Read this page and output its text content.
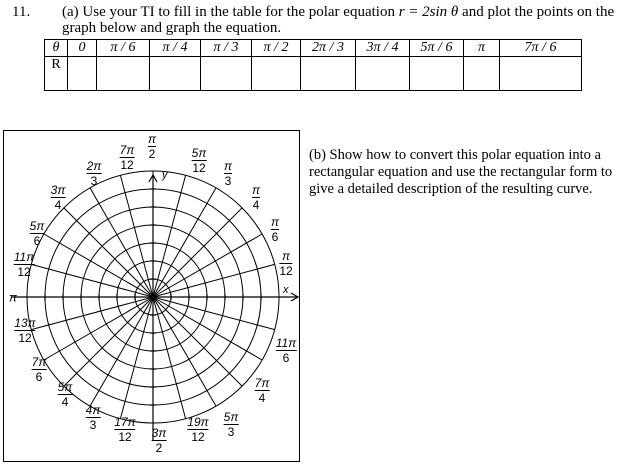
11. (a) Use your TI to fill in the table for the polar equation r = 2sin θ and plot the points on the graph below and graph the equation.
θ	0	π / 6	π / 4	π / 3	π / 2	2π / 3	3π / 4	5π / 6	π	7π / 6
R										
x
y
$\frac{\pi}{2}$	$\frac{5\pi}{12} \frac{\pi}{3}$
$\frac{\pi}{4}$
$\frac{\pi}{6}$
$\frac{\pi}{12}$
$\frac{11\pi}{6}$
$\frac{7\pi}{4}$
$\frac{5\pi}{3}$
$\frac{19\pi}{12}$
$\frac{3\pi}{2}$
$\frac{17\pi}{12}$
$\frac{4\pi}{3}$
$\frac{5\pi}{4}$
$\frac{7\pi}{6}$
$\frac{13\pi}{12}$
π
$\frac{11\pi}{12}$
$\frac{5\pi}{6}$
$\frac{3\pi}{4}$
$\frac{2\pi}{3}$
$\frac{7\pi}{12}$	(b) Show how to convert this polar equation into a rectangular equation and use the rectangular form to give a detailed description of the resulting curve.
